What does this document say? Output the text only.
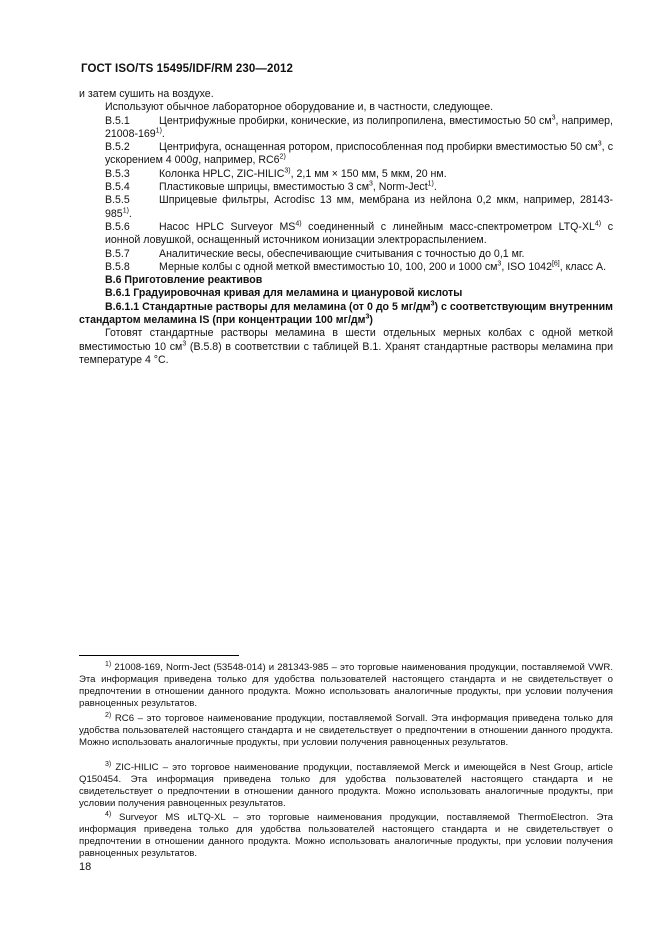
ГОСТ ISO/TS 15495/IDF/RM 230—2012

и затем сушить на воздухе.

Используют обычное лабораторное оборудование и, в частности, следующее.

В.5.1	Центрифужные пробирки, конические, из полипропилена, вместимостью 50 $см^3$, например, 21008-169$^{1)}$.

В.5.2	Центрифуга, оснащенная ротором, приспособленная под пробирки вместимостью 50 $см^3$, с ускорением 4 000g, например, RC6$^{2)}$

В.5.3	Колонка HPLC, ZIC-HILIC$^{3)}$, 2,1 мм × 150 мм, 5 мкм, 20 нм.

В.5.4	Пластиковые шприцы, вместимостью 3 $см^3$, Norm-Ject$^{1)}$.

В.5.5	Шприцевые фильтры, Acrodisc 13 мм, мембрана из нейлона 0,2 мкм, например, 28143-985$^{1)}$.

В.5.6	Насос HPLC Surveyor MS$^{4)}$ соединенный с линейным масс-спектрометром LTQ-XL$^{4)}$ с ионной ловушкой, оснащенный источником ионизации электрораспылением.

В.5.7	Аналитические весы, обеспечивающие считывания с точностью до 0,1 мг.

В.5.8	Мерные колбы с одной меткой вместимостью 10, 100, 200 и 1000 $см^3$, ISO 1042[6], класс А.

В.6 Приготовление реактивов

В.6.1 Градуировочная кривая для меламина и циануровой кислоты

В.6.1.1 Стандартные растворы для меламина (от 0 до 5 $мг/дм^3$) с соответствующим внутренним стандартом меламина IS (при концентрации 100 $мг/дм^3$)

Готовят стандартные растворы меламина в шести отдельных мерных колбах с одной меткой вместимостью 10 $см^3$ (В.5.8) в соответствии с таблицей В.1. Хранят стандартные растворы меламина при температуре 4 °С.

$^{1)}$ 21008-169, Norm-Ject (53548-014) и 281343-985 – это торговые наименования продукции, поставляемой VWR. Эта информация приведена только для удобства пользователей настоящего стандарта и не свидетельствует о предпочтении в отношении данного продукта. Можно использовать аналогичные продукты, при условии получения равноценных результатов.

$^{2)}$ RC6 – это торговое наименование продукции, поставляемой Sorvall. Эта информация приведена только для удобства пользователей настоящего стандарта и не свидетельствует о предпочтении в отношении данного продукта. Можно использовать аналогичные продукты, при условии получения равноценных результатов.

$^{3)}$ ZIC-HILIC – это торговое наименование продукции, поставляемой Merck и имеющейся в Nest Group, article Q150454. Эта информация приведена только для удобства пользователей настоящего стандарта и не свидетельствует о предпочтении в отношении данного продукта. Можно использовать аналогичные продукты, при условии получения равноценных результатов.

$^{4)}$ Surveyor MS иLTQ-XL – это торговые наименования продукции, поставляемой ThermoElectron. Эта информация приведена только для удобства пользователей настоящего стандарта и не свидетельствует о предпочтении в отношении данного продукта. Можно использовать аналогичные продукты, при условии получения равноценных результатов.

18
